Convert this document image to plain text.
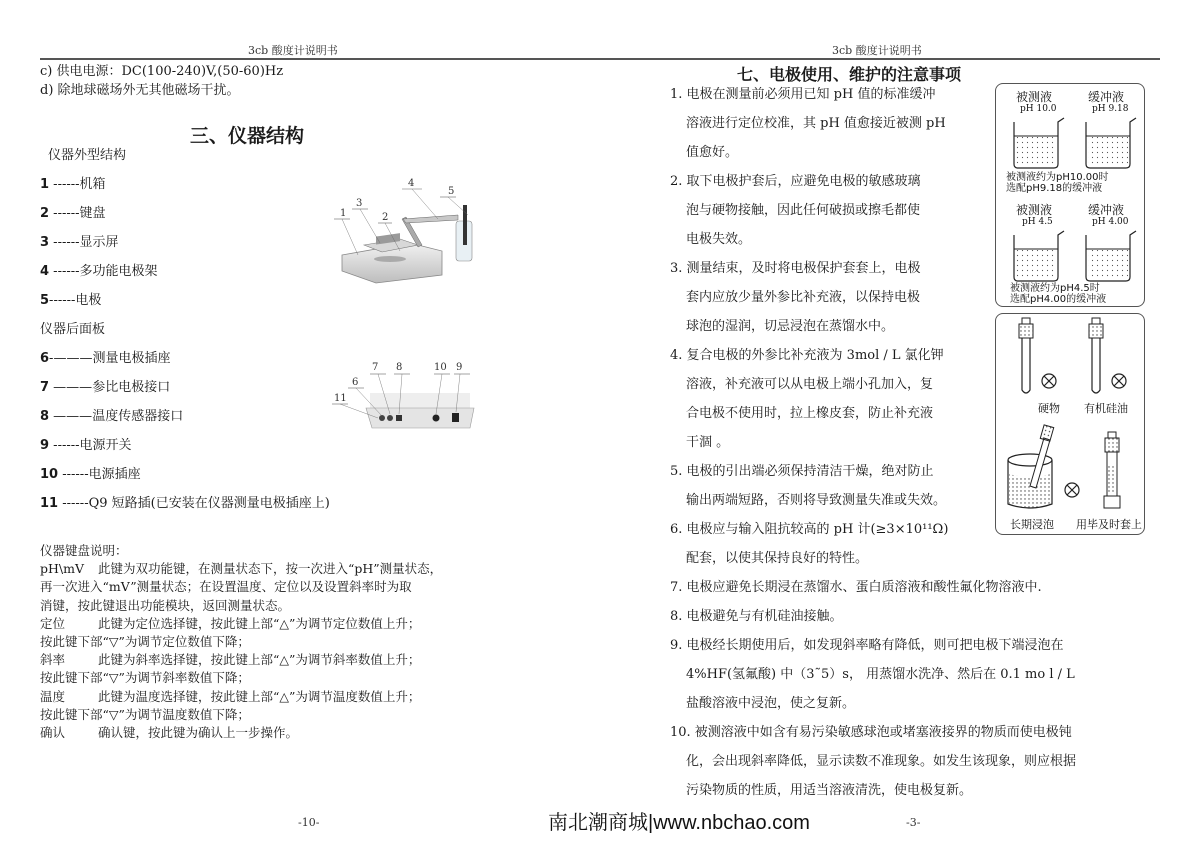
3cb 酸度计说明书	3cb 酸度计说明书
c) 供电电源：DC(100-240)V,(50-60)Hz
d) 除地球磁场外无其他磁场干扰。
三、仪器结构
仪器外型结构
1 ------机箱
2 ------键盘
3 ------显示屏
4 ------多功能电极架
5------电极
仪器后面板
6-———测量电极插座
7 ———参比电极接口
8 ———温度传感器接口
9 ------电源开关
10 ------电源插座
11 ------Q9 短路插(已安装在仪器测量电极插座上)
1	2
3
4
5
10 9
7 8
6
11
仪器键盘说明：
pH\mV 此键为双功能键，在测量状态下，按一次进入“pH”测量状态，
再一次进入“mV”测量状态；在设置温度、定位以及设置斜率时为取
消键，按此键退出功能模块，返回测量状态。
定位	此键为定位选择键，按此键上部“△”为调节定位数值上升；
按此键下部“▽”为调节定位数值下降；
斜率	此键为斜率选择键，按此键上部“△”为调节斜率数值上升；
按此键下部“▽”为调节斜率数值下降；
温度	此键为温度选择键，按此键上部“△”为调节温度数值上升；
按此键下部“▽”为调节温度数值下降；
确认	确认键，按此键为确认上一步操作。
-10-
七、电极使用、维护的注意事项
1. 电极在测量前必须用已知 pH 值的标准缓冲
溶液进行定位校准，其 pH 值愈接近被测 pH
值愈好。
2. 取下电极护套后，应避免电极的敏感玻璃
泡与硬物接触，因此任何破损或擦毛都使
电极失效。
3. 测量结束，及时将电极保护套套上，电极
套内应放少量外参比补充液，以保持电极
球泡的湿润，切忌浸泡在蒸馏水中。
4. 复合电极的外参比补充液为 3mol / L 氯化钾
溶液，补充液可以从电极上端小孔加入，复
合电极不使用时，拉上橡皮套，防止补充液
干涸 。
5. 电极的引出端必须保持清洁干燥，绝对防止
输出两端短路，否则将导致测量失准或失效。
6. 电极应与输入阻抗较高的 pH 计(≥3×10¹¹Ω)
配套，以使其保持良好的特性。
7. 电极应避免长期浸在蒸馏水、蛋白质溶液和酸性氟化物溶液中.
8. 电极避免与有机硅油接触。
9. 电极经长期使用后，如发现斜率略有降低，则可把电极下端浸泡在
4%HF(氢氟酸) 中（3˜5）s， 用蒸馏水洗净、然后在 0.1 mo l / L
盐酸溶液中浸泡，使之复新。
10. 被测溶液中如含有易污染敏感球泡或堵塞液接界的物质而使电极钝
化，会出现斜率降低，显示读数不准现象。如发生该现象，则应根据
污染物质的性质，用适当溶液清洗，使电极复新。
被测液	缓冲液
pH 10.0	pH 9.18
被测液约为pH10.00时
选配pH9.18的缓冲液
被测液	缓冲液
pH 4.5	pH 4.00
被测液约为pH4.5时
选配pH4.00的缓冲液
硬物 有机硅油
长期浸泡 用毕及时套上
-3-
南北潮商城|www.nbchao.com
